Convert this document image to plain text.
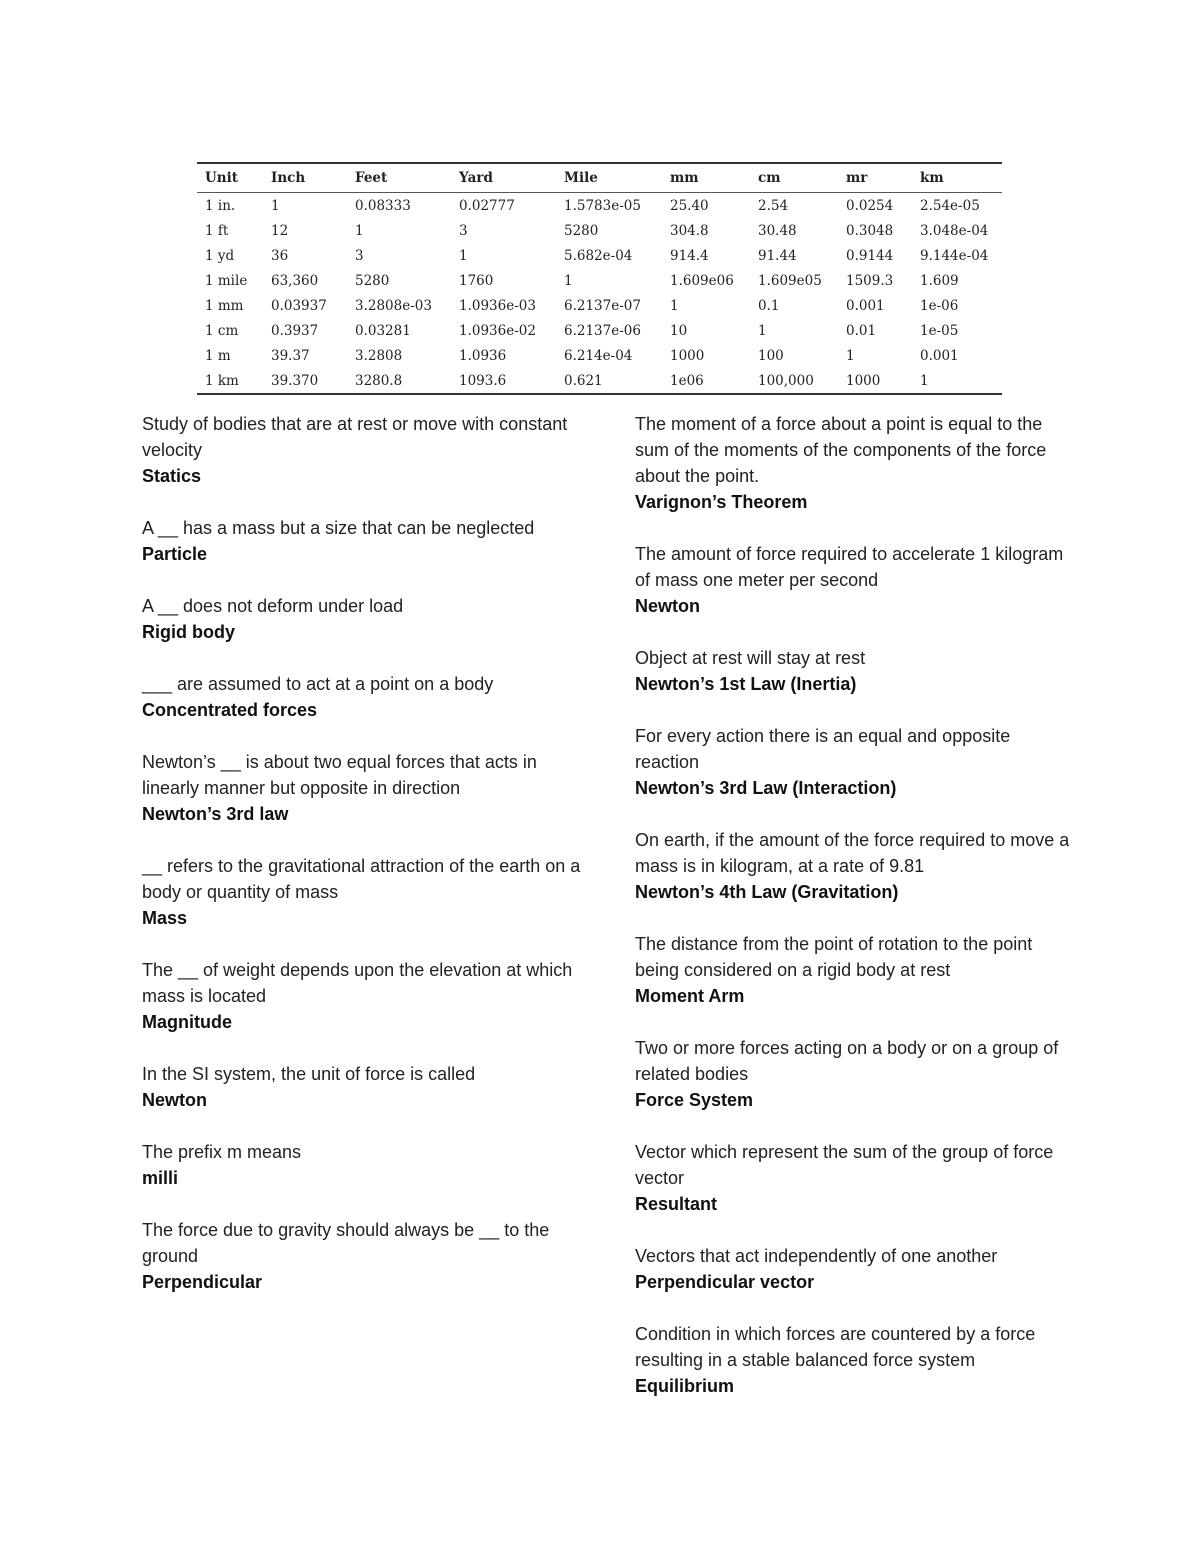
Unit	Inch	Feet	Yard	Mile	mm	cm	mr	km
1 in.	1	0.08333	0.02777	1.5783e-05	25.40	2.54	0.0254	2.54e-05
1 ft	12	1	3	5280	304.8	30.48	0.3048	3.048e-04
1 yd	36	3	1	5.682e-04	914.4	91.44	0.9144	9.144e-04
1 mile	63,360	5280	1760	1	1.609e06	1.609e05	1509.3	1.609
1 mm	0.03937	3.2808e-03	1.0936e-03	6.2137e-07	1	0.1	0.001	1e-06
1 cm	0.3937	0.03281	1.0936e-02	6.2137e-06	10	1	0.01	1e-05
1 m	39.37	3.2808	1.0936	6.214e-04	1000	100	1	0.001
1 km	39.370	3280.8	1093.6	0.621	1e06	100,000	1000	1
Study of bodies that are at rest or move with constant velocity
Statics
A __ has a mass but a size that can be neglected
Particle
A __ does not deform under load
Rigid body
___ are assumed to act at a point on a body
Concentrated forces
Newton’s __ is about two equal forces that acts in linearly manner but opposite in direction
Newton’s 3rd law
__ refers to the gravitational attraction of the earth on a body or quantity of mass
Mass
The __ of weight depends upon the elevation at which mass is located
Magnitude
In the SI system, the unit of force is called
Newton
The prefix m means
milli
The force due to gravity should always be __ to the ground
Perpendicular
The moment of a force about a point is equal to the sum of the moments of the components of the force about the point.
Varignon’s Theorem
The amount of force required to accelerate 1 kilogram of mass one meter per second
Newton
Object at rest will stay at rest
Newton’s 1st Law (Inertia)
For every action there is an equal and opposite reaction
Newton’s 3rd Law (Interaction)
On earth, if the amount of the force required to move a mass is in kilogram, at a rate of 9.81
Newton’s 4th Law (Gravitation)
The distance from the point of rotation to the point being considered on a rigid body at rest
Moment Arm
Two or more forces acting on a body or on a group of related bodies
Force System
Vector which represent the sum of the group of force vector
Resultant
Vectors that act independently of one another
Perpendicular vector
Condition in which forces are countered by a force resulting in a stable balanced force system
Equilibrium
